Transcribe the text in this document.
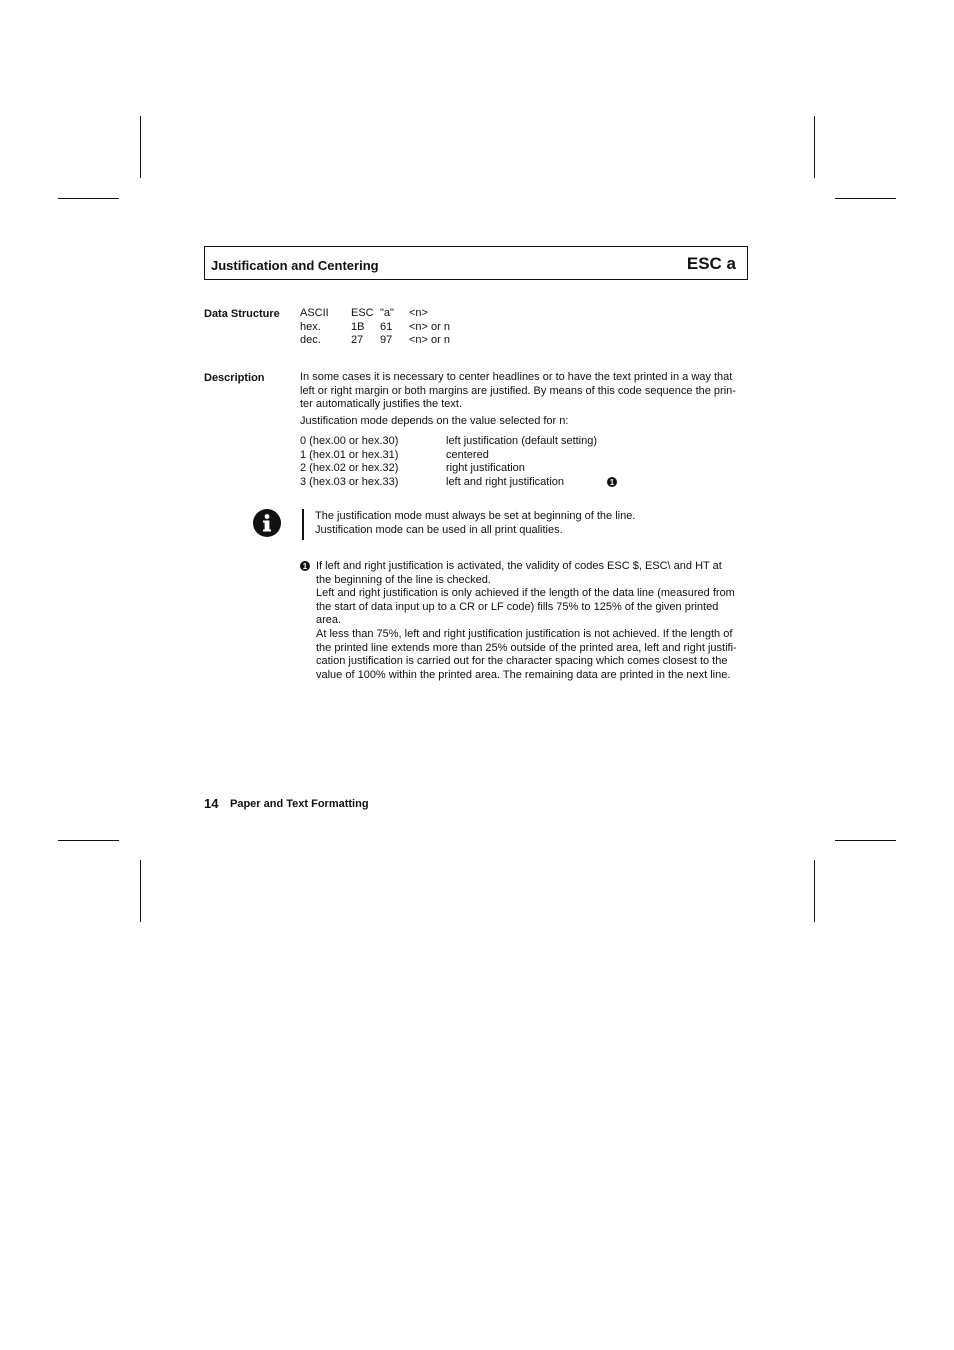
Justification and Centering	ESC a
Data Structure ASCII ESC "a" <n>
hex.	1B 61 <n> or n
dec.	27 97 <n> or n
Description	In some cases it is necessary to center headlines or to have the text printed in a way that
left or right margin or both margins are justified. By means of this code sequence the prin-
ter automatically justifies the text.
Justification mode depends on the value selected for n:
0 (hex.00 or hex.30)	left justification (default setting)
1 (hex.01 or hex.31)	centered
2 (hex.02 or hex.32)	right justification
3 (hex.03 or hex.33)	left and right justification	1
The justification mode must always be set at beginning of the line.
Justification mode can be used in all print qualities.
1 If left and right justification is activated, the validity of codes ESC $, ESC\ and HT at
the beginning of the line is checked.
Left and right justification is only achieved if the length of the data line (measured from
the start of data input up to a CR or LF code) fills 75% to 125% of the given printed
area.
At less than 75%, left and right justification justification is not achieved. If the length of
the printed line extends more than 25% outside of the printed area, left and right justifi-
cation justification is carried out for the character spacing which comes closest to the
value of 100% within the printed area. The remaining data are printed in the next line.
14 Paper and Text Formatting
